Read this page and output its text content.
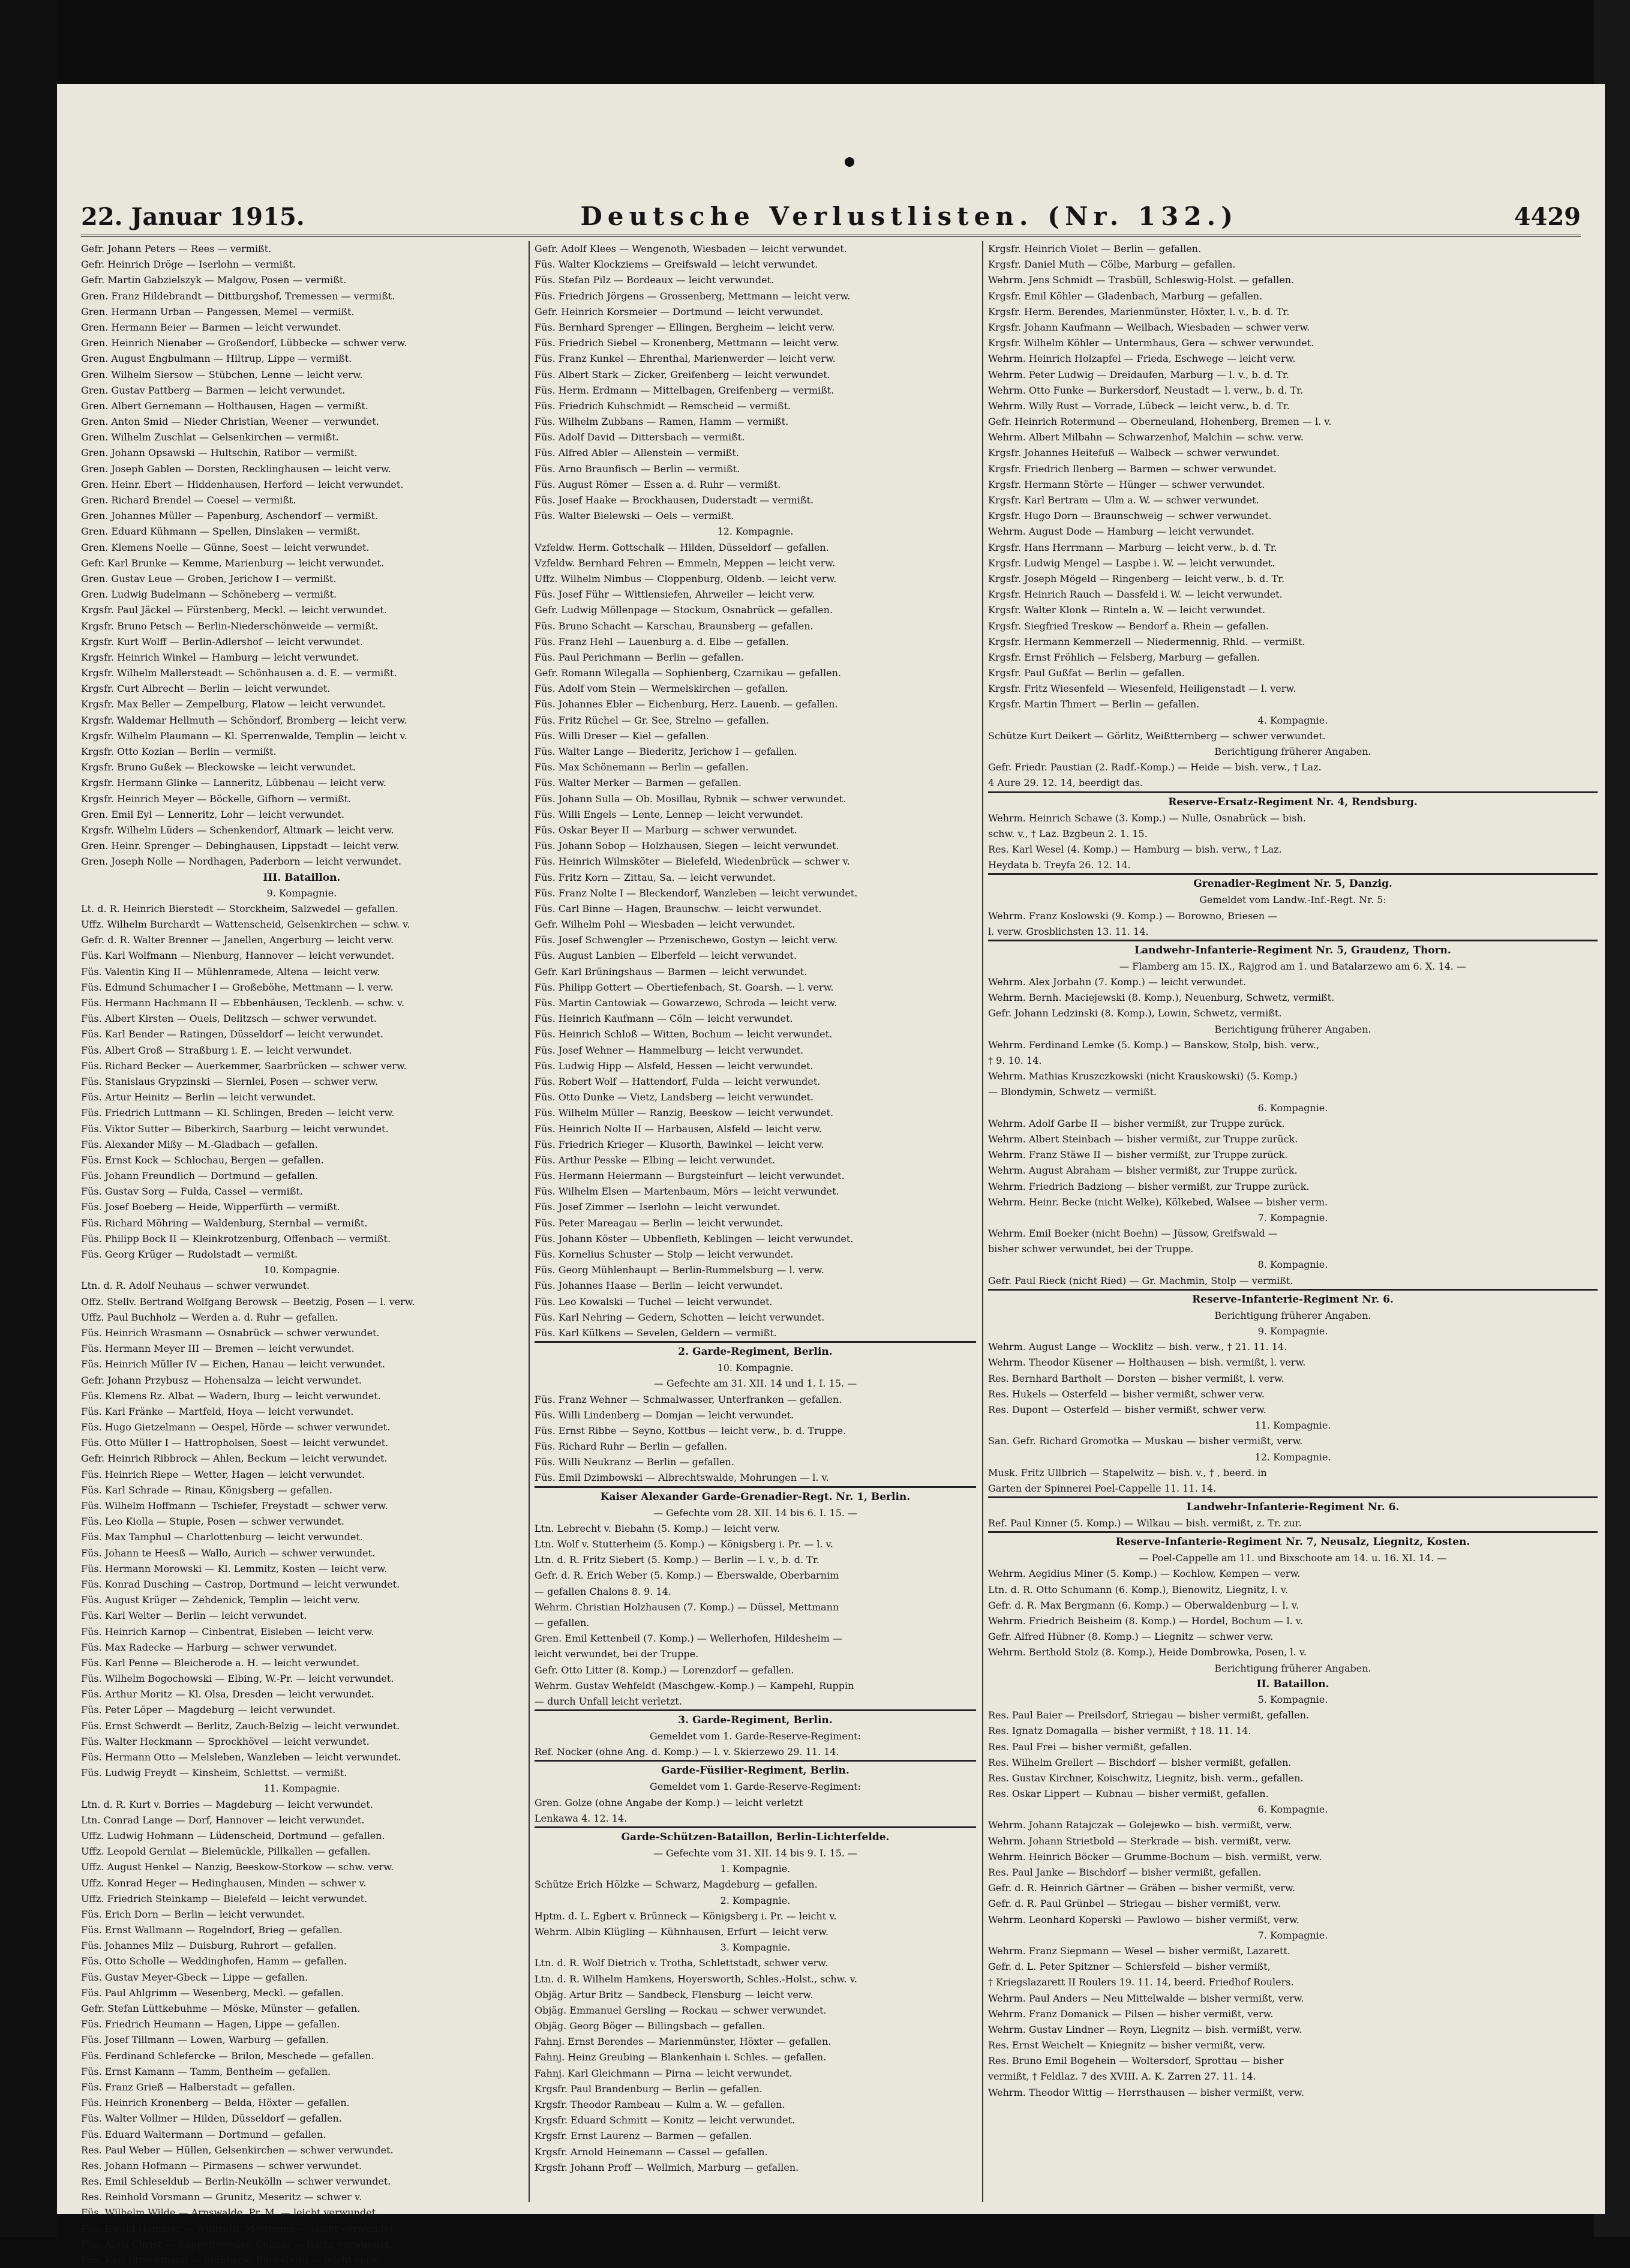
22. Januar 1915.	Deutsche Verlustlisten. (Nr. 132.)	4429
Gefr. Johann Peters — Rees — vermißt.
Gefr. Heinrich Dröge — Iserlohn — vermißt.
Gefr. Martin Gabzielszyk — Malgow, Posen — vermißt.
Gren. Franz Hildebrandt — Dittburgshof, Tremessen — vermißt.
Gren. Hermann Urban — Pangessen, Memel — vermißt.
Gren. Hermann Beier — Barmen — leicht verwundet.
Gren. Heinrich Nienaber — Großendorf, Lübbecke — schwer verw.
Gren. August Engbulmann — Hiltrup, Lippe — vermißt.
Gren. Wilhelm Siersow — Stübchen, Lenne — leicht verw.
Gren. Gustav Pattberg — Barmen — leicht verwundet.
Gren. Albert Gernemann — Holthausen, Hagen — vermißt.
Gren. Anton Smid — Nieder Christian, Weener — verwundet.
Gren. Wilhelm Zuschlat — Gelsenkirchen — vermißt.
Gren. Johann Opsawski — Hultschin, Ratibor — vermißt.
Gren. Joseph Gablen — Dorsten, Recklinghausen — leicht verw.
Gren. Heinr. Ebert — Hiddenhausen, Herford — leicht verwundet.
Gren. Richard Brendel — Coesel — vermißt.
Gren. Johannes Müller — Papenburg, Aschendorf — vermißt.
Gren. Eduard Kühmann — Spellen, Dinslaken — vermißt.
Gren. Klemens Noelle — Günne, Soest — leicht verwundet.
Gefr. Karl Brunke — Kemme, Marienburg — leicht verwundet.
Gren. Gustav Leue — Groben, Jerichow I — vermißt.
Gren. Ludwig Budelmann — Schöneberg — vermißt.
Krgsfr. Paul Jäckel — Fürstenberg, Meckl. — leicht verwundet.
Krgsfr. Bruno Petsch — Berlin-Niederschönweide — vermißt.
Krgsfr. Kurt Wolff — Berlin-Adlershof — leicht verwundet.
Krgsfr. Heinrich Winkel — Hamburg — leicht verwundet.
Krgsfr. Wilhelm Mallersteadt — Schönhausen a. d. E. — vermißt.
Krgsfr. Curt Albrecht — Berlin — leicht verwundet.
Krgsfr. Max Beller — Zempelburg, Flatow — leicht verwundet.
Krgsfr. Waldemar Hellmuth — Schöndorf, Bromberg — leicht verw.
Krgsfr. Wilhelm Plaumann — Kl. Sperrenwalde, Templin — leicht v.
Krgsfr. Otto Kozian — Berlin — vermißt.
Krgsfr. Bruno Gußek — Bleckowske — leicht verwundet.
Krgsfr. Hermann Glinke — Lanneritz, Lübbenau — leicht verw.
Krgsfr. Heinrich Meyer — Böckelle, Gifhorn — vermißt.
Gren. Emil Eyl — Lenneritz, Lohr — leicht verwundet.
Krgsfr. Wilhelm Lüders — Schenkendorf, Altmark — leicht verw.
Gren. Heinr. Sprenger — Debinghausen, Lippstadt — leicht verw.
Gren. Joseph Nolle — Nordhagen, Paderborn — leicht verwundet.
III. Bataillon.
9. Kompagnie.
Lt. d. R. Heinrich Bierstedt — Storckheim, Salzwedel — gefallen.
Uffz. Wilhelm Burchardt — Wattenscheid, Gelsenkirchen — schw. v.
Gefr. d. R. Walter Brenner — Janellen, Angerburg — leicht verw.
Füs. Karl Wolfmann — Nienburg, Hannover — leicht verwundet.
Füs. Valentin King II — Mühlenramede, Altena — leicht verw.
Füs. Edmund Schumacher I — Großeböhe, Mettmann — l. verw.
Füs. Hermann Hachmann II — Ebbenhäusen, Tecklenb. — schw. v.
Füs. Albert Kirsten — Ouels, Delitzsch — schwer verwundet.
Füs. Karl Bender — Ratingen, Düsseldorf — leicht verwundet.
Füs. Albert Groß — Straßburg i. E. — leicht verwundet.
Füs. Richard Becker — Auerkemmer, Saarbrücken — schwer verw.
Füs. Stanislaus Grypzinski — Siernlei, Posen — schwer verw.
Füs. Artur Heinitz — Berlin — leicht verwundet.
Füs. Friedrich Luttmann — Kl. Schlingen, Breden — leicht verw.
Füs. Viktor Sutter — Biberkirch, Saarburg — leicht verwundet.
Füs. Alexander Mißy — M.-Gladbach — gefallen.
Füs. Ernst Kock — Schlochau, Bergen — gefallen.
Füs. Johann Freundlich — Dortmund — gefallen.
Füs. Gustav Sorg — Fulda, Cassel — vermißt.
Füs. Josef Boeberg — Heide, Wipperfürth — vermißt.
Füs. Richard Möhring — Waldenburg, Sternbal — vermißt.
Füs. Philipp Bock II — Kleinkrotzenburg, Offenbach — vermißt.
Füs. Georg Krüger — Rudolstadt — vermißt.
10. Kompagnie.
Ltn. d. R. Adolf Neuhaus — schwer verwundet.
Offz. Stellv. Bertrand Wolfgang Berowsk — Beetzig, Posen — l. verw.
Uffz. Paul Buchholz — Werden a. d. Ruhr — gefallen.
Füs. Heinrich Wrasmann — Osnabrück — schwer verwundet.
Füs. Hermann Meyer III — Bremen — leicht verwundet.
Füs. Heinrich Müller IV — Eichen, Hanau — leicht verwundet.
Gefr. Johann Przybusz — Hohensalza — leicht verwundet.
Füs. Klemens Rz. Albat — Wadern, Iburg — leicht verwundet.
Füs. Karl Fränke — Martfeld, Hoya — leicht verwundet.
Füs. Hugo Gietzelmann — Oespel, Hörde — schwer verwundet.
Füs. Otto Müller I — Hattropholsen, Soest — leicht verwundet.
Gefr. Heinrich Ribbrock — Ahlen, Beckum — leicht verwundet.
Füs. Heinrich Riepe — Wetter, Hagen — leicht verwundet.
Füs. Karl Schrade — Rinau, Königsberg — gefallen.
Füs. Wilhelm Hoffmann — Tschiefer, Freystadt — schwer verw.
Füs. Leo Kiolla — Stupie, Posen — schwer verwundet.
Füs. Max Tamphul — Charlottenburg — leicht verwundet.
Füs. Johann te Heesß — Wallo, Aurich — schwer verwundet.
Füs. Hermann Morowski — Kl. Lemmitz, Kosten — leicht verw.
Füs. Konrad Dusching — Castrop, Dortmund — leicht verwundet.
Füs. August Krüger — Zehdenick, Templin — leicht verw.
Füs. Karl Welter — Berlin — leicht verwundet.
Füs. Heinrich Karnop — Cinbentrat, Eisleben — leicht verw.
Füs. Max Radecke — Harburg — schwer verwundet.
Füs. Karl Penne — Bleicherode a. H. — leicht verwundet.
Füs. Wilhelm Bogochowski — Elbing, W.-Pr. — leicht verwundet.
Füs. Arthur Moritz — Kl. Olsa, Dresden — leicht verwundet.
Füs. Peter Löper — Magdeburg — leicht verwundet.
Füs. Ernst Schwerdt — Berlitz, Zauch-Belzig — leicht verwundet.
Füs. Walter Heckmann — Sprockhövel — leicht verwundet.
Füs. Hermann Otto — Melsleben, Wanzleben — leicht verwundet.
Füs. Ludwig Freydt — Kinsheim, Schlettst. — vermißt.
11. Kompagnie.
Ltn. d. R. Kurt v. Borries — Magdeburg — leicht verwundet.
Ltn. Conrad Lange — Dorf, Hannover — leicht verwundet.
Uffz. Ludwig Hohmann — Lüdenscheid, Dortmund — gefallen.
Uffz. Leopold Gernlat — Bielemückle, Pillkallen — gefallen.
Uffz. August Henkel — Nanzig, Beeskow-Storkow — schw. verw.
Uffz. Konrad Heger — Hedinghausen, Minden — schwer v.
Uffz. Friedrich Steinkamp — Bielefeld — leicht verwundet.
Füs. Erich Dorn — Berlin — leicht verwundet.
Füs. Ernst Wallmann — Rogelndorf, Brieg — gefallen.
Füs. Johannes Milz — Duisburg, Ruhrort — gefallen.
Füs. Otto Scholle — Weddinghofen, Hamm — gefallen.
Füs. Gustav Meyer-Gbeck — Lippe — gefallen.
Füs. Paul Ahlgrimm — Wesenberg, Meckl. — gefallen.
Gefr. Stefan Lüttkebuhme — Möske, Münster — gefallen.
Füs. Friedrich Heumann — Hagen, Lippe — gefallen.
Füs. Josef Tillmann — Lowen, Warburg — gefallen.
Füs. Ferdinand Schlefercke — Brilon, Meschede — gefallen.
Füs. Ernst Kamann — Tamm, Bentheim — gefallen.
Füs. Franz Grieß — Halberstadt — gefallen.
Füs. Heinrich Kronenberg — Belda, Höxter — gefallen.
Füs. Walter Vollmer — Hilden, Düsseldorf — gefallen.
Füs. Eduard Waltermann — Dortmund — gefallen.
Res. Paul Weber — Hüllen, Gelsenkirchen — schwer verwundet.
Res. Johann Hofmann — Pirmasens — schwer verwundet.
Res. Emil Schleseldub — Berlin-Neukölln — schwer verwundet.
Res. Reinhold Vorsmann — Grunitz, Meseritz — schwer v.
Füs. Wilhelm Wilde — Arnswalde, Pr. M. — leicht verwundet.
Füs. Ewald Hammer — Wülfrath, Mettmann — leicht verwundet.
Füs. Alois Christ — Rappoltsweiler, Colmar — leicht verwundet.
Füs. Karl Struckmann — Stübbeck, Bückeburg — leicht verw.
Gefr. Adolf Klees — Wengenoth, Wiesbaden — leicht verwundet.
Füs. Walter Klockziems — Greifswald — leicht verwundet.
Füs. Stefan Pilz — Bordeaux — leicht verwundet.
Füs. Friedrich Jörgens — Grossenberg, Mettmann — leicht verw.
Gefr. Heinrich Korsmeier — Dortmund — leicht verwundet.
Füs. Bernhard Sprenger — Ellingen, Bergheim — leicht verw.
Füs. Friedrich Siebel — Kronenberg, Mettmann — leicht verw.
Füs. Franz Kunkel — Ehrenthal, Marienwerder — leicht verw.
Füs. Albert Stark — Zicker, Greifenberg — leicht verwundet.
Füs. Herm. Erdmann — Mittelbagen, Greifenberg — vermißt.
Füs. Friedrich Kuhschmidt — Remscheid — vermißt.
Füs. Wilhelm Zubbans — Ramen, Hamm — vermißt.
Füs. Adolf David — Dittersbach — vermißt.
Füs. Alfred Abler — Allenstein — vermißt.
Füs. Arno Braunfisch — Berlin — vermißt.
Füs. August Römer — Essen a. d. Ruhr — vermißt.
Füs. Josef Haake — Brockhausen, Duderstadt — vermißt.
Füs. Walter Bielewski — Oels — vermißt.
12. Kompagnie.
Vzfeldw. Herm. Gottschalk — Hilden, Düsseldorf — gefallen.
Vzfeldw. Bernhard Fehren — Emmeln, Meppen — leicht verw.
Uffz. Wilhelm Nimbus — Cloppenburg, Oldenb. — leicht verw.
Füs. Josef Führ — Wittlensiefen, Ahrweiler — leicht verw.
Gefr. Ludwig Möllenpage — Stockum, Osnabrück — gefallen.
Füs. Bruno Schacht — Karschau, Braunsberg — gefallen.
Füs. Franz Hehl — Lauenburg a. d. Elbe — gefallen.
Füs. Paul Perichmann — Berlin — gefallen.
Gefr. Romann Wilegalla — Sophienberg, Czarnikau — gefallen.
Füs. Adolf vom Stein — Wermelskirchen — gefallen.
Füs. Johannes Ebler — Eichenburg, Herz. Lauenb. — gefallen.
Füs. Fritz Rüchel — Gr. See, Strelno — gefallen.
Füs. Willi Dreser — Kiel — gefallen.
Füs. Walter Lange — Biederitz, Jerichow I — gefallen.
Füs. Max Schönemann — Berlin — gefallen.
Füs. Walter Merker — Barmen — gefallen.
Füs. Johann Sulla — Ob. Mosillau, Rybnik — schwer verwundet.
Füs. Willi Engels — Lente, Lennep — leicht verwundet.
Füs. Oskar Beyer II — Marburg — schwer verwundet.
Füs. Johann Sobop — Holzhausen, Siegen — leicht verwundet.
Füs. Heinrich Wilmsköter — Bielefeld, Wiedenbrück — schwer v.
Füs. Fritz Korn — Zittau, Sa. — leicht verwundet.
Füs. Franz Nolte I — Bleckendorf, Wanzleben — leicht verwundet.
Füs. Carl Binne — Hagen, Braunschw. — leicht verwundet.
Gefr. Wilhelm Pohl — Wiesbaden — leicht verwundet.
Füs. Josef Schwengler — Przenischewo, Gostyn — leicht verw.
Füs. August Lanbien — Elberfeld — leicht verwundet.
Gefr. Karl Brüningshaus — Barmen — leicht verwundet.
Füs. Philipp Gottert — Obertiefenbach, St. Goarsh. — l. verw.
Füs. Martin Cantowiak — Gowarzewo, Schroda — leicht verw.
Füs. Heinrich Kaufmann — Cöln — leicht verwundet.
Füs. Heinrich Schloß — Witten, Bochum — leicht verwundet.
Füs. Josef Wehner — Hammelburg — leicht verwundet.
Füs. Ludwig Hipp — Alsfeld, Hessen — leicht verwundet.
Füs. Robert Wolf — Hattendorf, Fulda — leicht verwundet.
Füs. Otto Dunke — Vietz, Landsberg — leicht verwundet.
Füs. Wilhelm Müller — Ranzig, Beeskow — leicht verwundet.
Füs. Heinrich Nolte II — Harbausen, Alsfeld — leicht verw.
Füs. Friedrich Krieger — Klusorth, Bawinkel — leicht verw.
Füs. Arthur Pesske — Elbing — leicht verwundet.
Füs. Hermann Heiermann — Burgsteinfurt — leicht verwundet.
Füs. Wilhelm Elsen — Martenbaum, Mörs — leicht verwundet.
Füs. Josef Zimmer — Iserlohn — leicht verwundet.
Füs. Peter Mareagau — Berlin — leicht verwundet.
Füs. Johann Köster — Ubbenfleth, Keblingen — leicht verwundet.
Füs. Kornelius Schuster — Stolp — leicht verwundet.
Füs. Georg Mühlenhaupt — Berlin-Rummelsburg — l. verw.
Füs. Johannes Haase — Berlin — leicht verwundet.
Füs. Leo Kowalski — Tuchel — leicht verwundet.
Füs. Karl Nehring — Gedern, Schotten — leicht verwundet.
Füs. Karl Külkens — Sevelen, Geldern — vermißt.
2. Garde-Regiment, Berlin.
10. Kompagnie.
— Gefechte am 31. XII. 14 und 1. I. 15. —
Füs. Franz Wehner — Schmalwasser, Unterfranken — gefallen.
Füs. Willi Lindenberg — Domjan — leicht verwundet.
Füs. Ernst Ribbe — Seyno, Kottbus — leicht verw., b. d. Truppe.
Füs. Richard Ruhr — Berlin — gefallen.
Füs. Willi Neukranz — Berlin — gefallen.
Füs. Emil Dzimbowski — Albrechtswalde, Mohrungen — l. v.
Kaiser Alexander Garde-Grenadier-Regt. Nr. 1, Berlin.
— Gefechte vom 28. XII. 14 bis 6. I. 15. —
Ltn. Lebrecht v. Biebahn (5. Komp.) — leicht verw.
Ltn. Wolf v. Stutterheim (5. Komp.) — Königsberg i. Pr. — l. v.
Ltn. d. R. Fritz Siebert (5. Komp.) — Berlin — l. v., b. d. Tr.
Gefr. d. R. Erich Weber (5. Komp.) — Eberswalde, Oberbarnim
— gefallen Chalons 8. 9. 14.
Wehrm. Christian Holzhausen (7. Komp.) — Düssel, Mettmann
— gefallen.
Gren. Emil Kettenbeil (7. Komp.) — Wellerhofen, Hildesheim —
leicht verwundet, bei der Truppe.
Gefr. Otto Litter (8. Komp.) — Lorenzdorf — gefallen.
Wehrm. Gustav Wehfeldt (Maschgew.-Komp.) — Kampehl, Ruppin
— durch Unfall leicht verletzt.
3. Garde-Regiment, Berlin.
Gemeldet vom 1. Garde-Reserve-Regiment:
Ref. Nocker (ohne Ang. d. Komp.) — l. v. Skierzewo 29. 11. 14.
Garde-Füsilier-Regiment, Berlin.
Gemeldet vom 1. Garde-Reserve-Regiment:
Gren. Golze (ohne Angabe der Komp.) — leicht verletzt
Lenkawa 4. 12. 14.
Garde-Schützen-Bataillon, Berlin-Lichterfelde.
— Gefechte vom 31. XII. 14 bis 9. I. 15. —
1. Kompagnie.
Schütze Erich Hölzke — Schwarz, Magdeburg — gefallen.
2. Kompagnie.
Hptm. d. L. Egbert v. Brünneck — Königsberg i. Pr. — leicht v.
Wehrm. Albin Klügling — Kühnhausen, Erfurt — leicht verw.
3. Kompagnie.
Ltn. d. R. Wolf Dietrich v. Trotha, Schlettstadt, schwer verw.
Ltn. d. R. Wilhelm Hamkens, Hoyersworth, Schles.-Holst., schw. v.
Objäg. Artur Britz — Sandbeck, Flensburg — leicht verw.
Objäg. Emmanuel Gersling — Rockau — schwer verwundet.
Objäg. Georg Böger — Billingsbach — gefallen.
Fahnj. Ernst Berendes — Marienmünster, Höxter — gefallen.
Fahnj. Heinz Greubing — Blankenhain i. Schles. — gefallen.
Fahnj. Karl Gleichmann — Pirna — leicht verwundet.
Krgsfr. Paul Brandenburg — Berlin — gefallen.
Krgsfr. Theodor Rambeau — Kulm a. W. — gefallen.
Krgsfr. Eduard Schmitt — Konitz — leicht verwundet.
Krgsfr. Ernst Laurenz — Barmen — gefallen.
Krgsfr. Arnold Heinemann — Cassel — gefallen.
Krgsfr. Johann Proff — Wellmich, Marburg — gefallen.
Krgsfr. Heinrich Violet — Berlin — gefallen.
Krgsfr. Daniel Muth — Cölbe, Marburg — gefallen.
Wehrm. Jens Schmidt — Trasbüll, Schleswig-Holst. — gefallen.
Krgsfr. Emil Köhler — Gladenbach, Marburg — gefallen.
Krgsfr. Herm. Berendes, Marienmünster, Höxter, l. v., b. d. Tr.
Krgsfr. Johann Kaufmann — Weilbach, Wiesbaden — schwer verw.
Krgsfr. Wilhelm Köhler — Untermhaus, Gera — schwer verwundet.
Wehrm. Heinrich Holzapfel — Frieda, Eschwege — leicht verw.
Wehrm. Peter Ludwig — Dreidaufen, Marburg — l. v., b. d. Tr.
Wehrm. Otto Funke — Burkersdorf, Neustadt — l. verw., b. d. Tr.
Wehrm. Willy Rust — Vorrade, Lübeck — leicht verw., b. d. Tr.
Gefr. Heinrich Rotermund — Oberneuland, Hohenberg, Bremen — l. v.
Wehrm. Albert Milbahn — Schwarzenhof, Malchin — schw. verw.
Krgsfr. Johannes Heitefuß — Walbeck — schwer verwundet.
Krgsfr. Friedrich Ilenberg — Barmen — schwer verwundet.
Krgsfr. Hermann Störte — Hünger — schwer verwundet.
Krgsfr. Karl Bertram — Ulm a. W. — schwer verwundet.
Krgsfr. Hugo Dorn — Braunschweig — schwer verwundet.
Wehrm. August Dode — Hamburg — leicht verwundet.
Krgsfr. Hans Herrmann — Marburg — leicht verw., b. d. Tr.
Krgsfr. Ludwig Mengel — Laspbe i. W. — leicht verwundet.
Krgsfr. Joseph Mögeld — Ringenberg — leicht verw., b. d. Tr.
Krgsfr. Heinrich Rauch — Dassfeld i. W. — leicht verwundet.
Krgsfr. Walter Klonk — Rinteln a. W. — leicht verwundet.
Krgsfr. Siegfried Treskow — Bendorf a. Rhein — gefallen.
Krgsfr. Hermann Kemmerzell — Niedermennig, Rhld. — vermißt.
Krgsfr. Ernst Fröhlich — Felsberg, Marburg — gefallen.
Krgsfr. Paul Gußfat — Berlin — gefallen.
Krgsfr. Fritz Wiesenfeld — Wiesenfeld, Heiligenstadt — l. verw.
Krgsfr. Martin Thmert — Berlin — gefallen.
4. Kompagnie.
Schütze Kurt Deikert — Görlitz, Weißtternberg — schwer verwundet.
Berichtigung früherer Angaben.
Gefr. Friedr. Paustian (2. Radf.-Komp.) — Heide — bish. verw., † Laz.
4 Aure 29. 12. 14, beerdigt das.
Reserve-Ersatz-Regiment Nr. 4, Rendsburg.
Wehrm. Heinrich Schawe (3. Komp.) — Nulle, Osnabrück — bish.
schw. v., † Laz. Bzgbeun 2. 1. 15.
Res. Karl Wesel (4. Komp.) — Hamburg — bish. verw., † Laz.
Heydata b. Treyfa 26. 12. 14.
Grenadier-Regiment Nr. 5, Danzig.
Gemeldet vom Landw.-Inf.-Regt. Nr. 5:
Wehrm. Franz Koslowski (9. Komp.) — Borowno, Briesen —
l. verw. Grosblichsten 13. 11. 14.
Landwehr-Infanterie-Regiment Nr. 5, Graudenz, Thorn.
— Flamberg am 15. IX., Rajgrod am 1. und Batalarzewo am 6. X. 14. —
Wehrm. Alex Jorbahn (7. Komp.) — leicht verwundet.
Wehrm. Bernh. Maciejewski (8. Komp.), Neuenburg, Schwetz, vermißt.
Gefr. Johann Ledzinski (8. Komp.), Lowin, Schwetz, vermißt.
Berichtigung früherer Angaben.
Wehrm. Ferdinand Lemke (5. Komp.) — Banskow, Stolp, bish. verw.,
† 9. 10. 14.
Wehrm. Mathias Kruszczkowski (nicht Krauskowski) (5. Komp.)
— Blondymin, Schwetz — vermißt.
6. Kompagnie.
Wehrm. Adolf Garbe II — bisher vermißt, zur Truppe zurück.
Wehrm. Albert Steinbach — bisher vermißt, zur Truppe zurück.
Wehrm. Franz Stäwe II — bisher vermißt, zur Truppe zurück.
Wehrm. August Abraham — bisher vermißt, zur Truppe zurück.
Wehrm. Friedrich Badziong — bisher vermißt, zur Truppe zurück.
Wehrm. Heinr. Becke (nicht Welke), Kölkebed, Walsee — bisher verm.
7. Kompagnie.
Wehrm. Emil Boeker (nicht Boehn) — Jüssow, Greifswald —
bisher schwer verwundet, bei der Truppe.
8. Kompagnie.
Gefr. Paul Rieck (nicht Ried) — Gr. Machmin, Stolp — vermißt.
Reserve-Infanterie-Regiment Nr. 6.
Berichtigung früherer Angaben.
9. Kompagnie.
Wehrm. August Lange — Wocklitz — bish. verw., † 21. 11. 14.
Wehrm. Theodor Küsener — Holthausen — bish. vermißt, l. verw.
Res. Bernhard Bartholt — Dorsten — bisher vermißt, l. verw.
Res. Hukels — Osterfeld — bisher vermißt, schwer verw.
Res. Dupont — Osterfeld — bisher vermißt, schwer verw.
11. Kompagnie.
San. Gefr. Richard Gromotka — Muskau — bisher vermißt, verw.
12. Kompagnie.
Musk. Fritz Ullbrich — Stapelwitz — bish. v., † , beerd. in
Garten der Spinnerei Poel-Cappelle 11. 11. 14.
Landwehr-Infanterie-Regiment Nr. 6.
Ref. Paul Kinner (5. Komp.) — Wilkau — bish. vermißt, z. Tr. zur.
Reserve-Infanterie-Regiment Nr. 7, Neusalz, Liegnitz, Kosten.
— Poel-Cappelle am 11. und Bixschoote am 14. u. 16. XI. 14. —
Wehrm. Aegidius Miner (5. Komp.) — Kochlow, Kempen — verw.
Ltn. d. R. Otto Schumann (6. Komp.), Bienowitz, Liegnitz, l. v.
Gefr. d. R. Max Bergmann (6. Komp.) — Oberwaldenburg — l. v.
Wehrm. Friedrich Beisheim (8. Komp.) — Hordel, Bochum — l. v.
Gefr. Alfred Hübner (8. Komp.) — Liegnitz — schwer verw.
Wehrm. Berthold Stolz (8. Komp.), Heide Dombrowka, Posen, l. v.
Berichtigung früherer Angaben.
II. Bataillon.
5. Kompagnie.
Res. Paul Baier — Preilsdorf, Striegau — bisher vermißt, gefallen.
Res. Ignatz Domagalla — bisher vermißt, † 18. 11. 14.
Res. Paul Frei — bisher vermißt, gefallen.
Res. Wilhelm Grellert — Bischdorf — bisher vermißt, gefallen.
Res. Gustav Kirchner, Koischwitz, Liegnitz, bish. verm., gefallen.
Res. Oskar Lippert — Kubnau — bisher vermißt, gefallen.
6. Kompagnie.
Wehrm. Johann Ratajczak — Golejewko — bish. vermißt, verw.
Wehrm. Johann Strietbold — Sterkrade — bish. vermißt, verw.
Wehrm. Heinrich Böcker — Grumme-Bochum — bish. vermißt, verw.
Res. Paul Janke — Bischdorf — bisher vermißt, gefallen.
Gefr. d. R. Heinrich Gärtner — Gräben — bisher vermißt, verw.
Gefr. d. R. Paul Grünbel — Striegau — bisher vermißt, verw.
Wehrm. Leonhard Koperski — Pawlowo — bisher vermißt, verw.
7. Kompagnie.
Wehrm. Franz Siepmann — Wesel — bisher vermißt, Lazarett.
Gefr. d. L. Peter Spitzner — Schiersfeld — bisher vermißt,
† Kriegslazarett II Roulers 19. 11. 14, beerd. Friedhof Roulers.
Wehrm. Paul Anders — Neu Mittelwalde — bisher vermißt, verw.
Wehrm. Franz Domanick — Pilsen — bisher vermißt, verw.
Wehrm. Gustav Lindner — Royn, Liegnitz — bish. vermißt, verw.
Res. Ernst Weichelt — Kniegnitz — bisher vermißt, verw.
Res. Bruno Emil Bogehein — Woltersdorf, Sprottau — bisher
vermißt, † Feldlaz. 7 des XVIII. A. K. Zarren 27. 11. 14.
Wehrm. Theodor Wittig — Herrsthausen — bisher vermißt, verw.
